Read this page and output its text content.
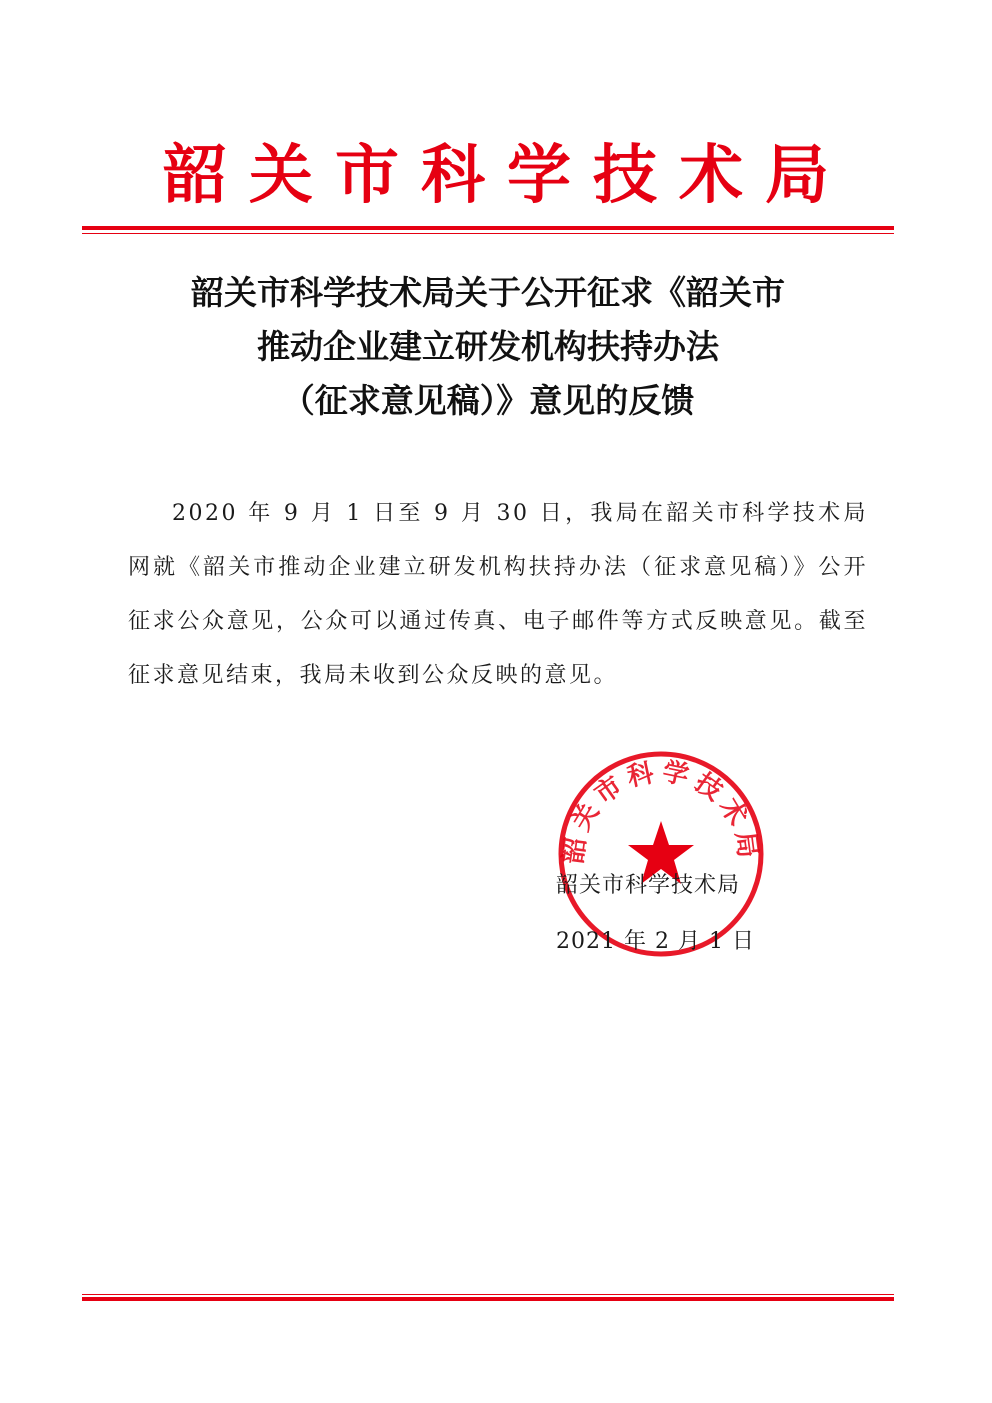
韶关市科学技术局
韶关市科学技术局关于公开征求《韶关市
推动企业建立研发机构扶持办法
（征求意见稿）》意见的反馈

2020 年 9 月 1 日至 9 月 30 日，我局在韶关市科学技术局网就《韶关市推动企业建立研发机构扶持办法（征求意见稿）》公开征求公众意见，公众可以通过传真、电子邮件等方式反映意见。截至征求意见结束，我局未收到公众反映的意见。

韶关市科学技术局
韶关市科学技术局
2021 年 2 月 1 日
